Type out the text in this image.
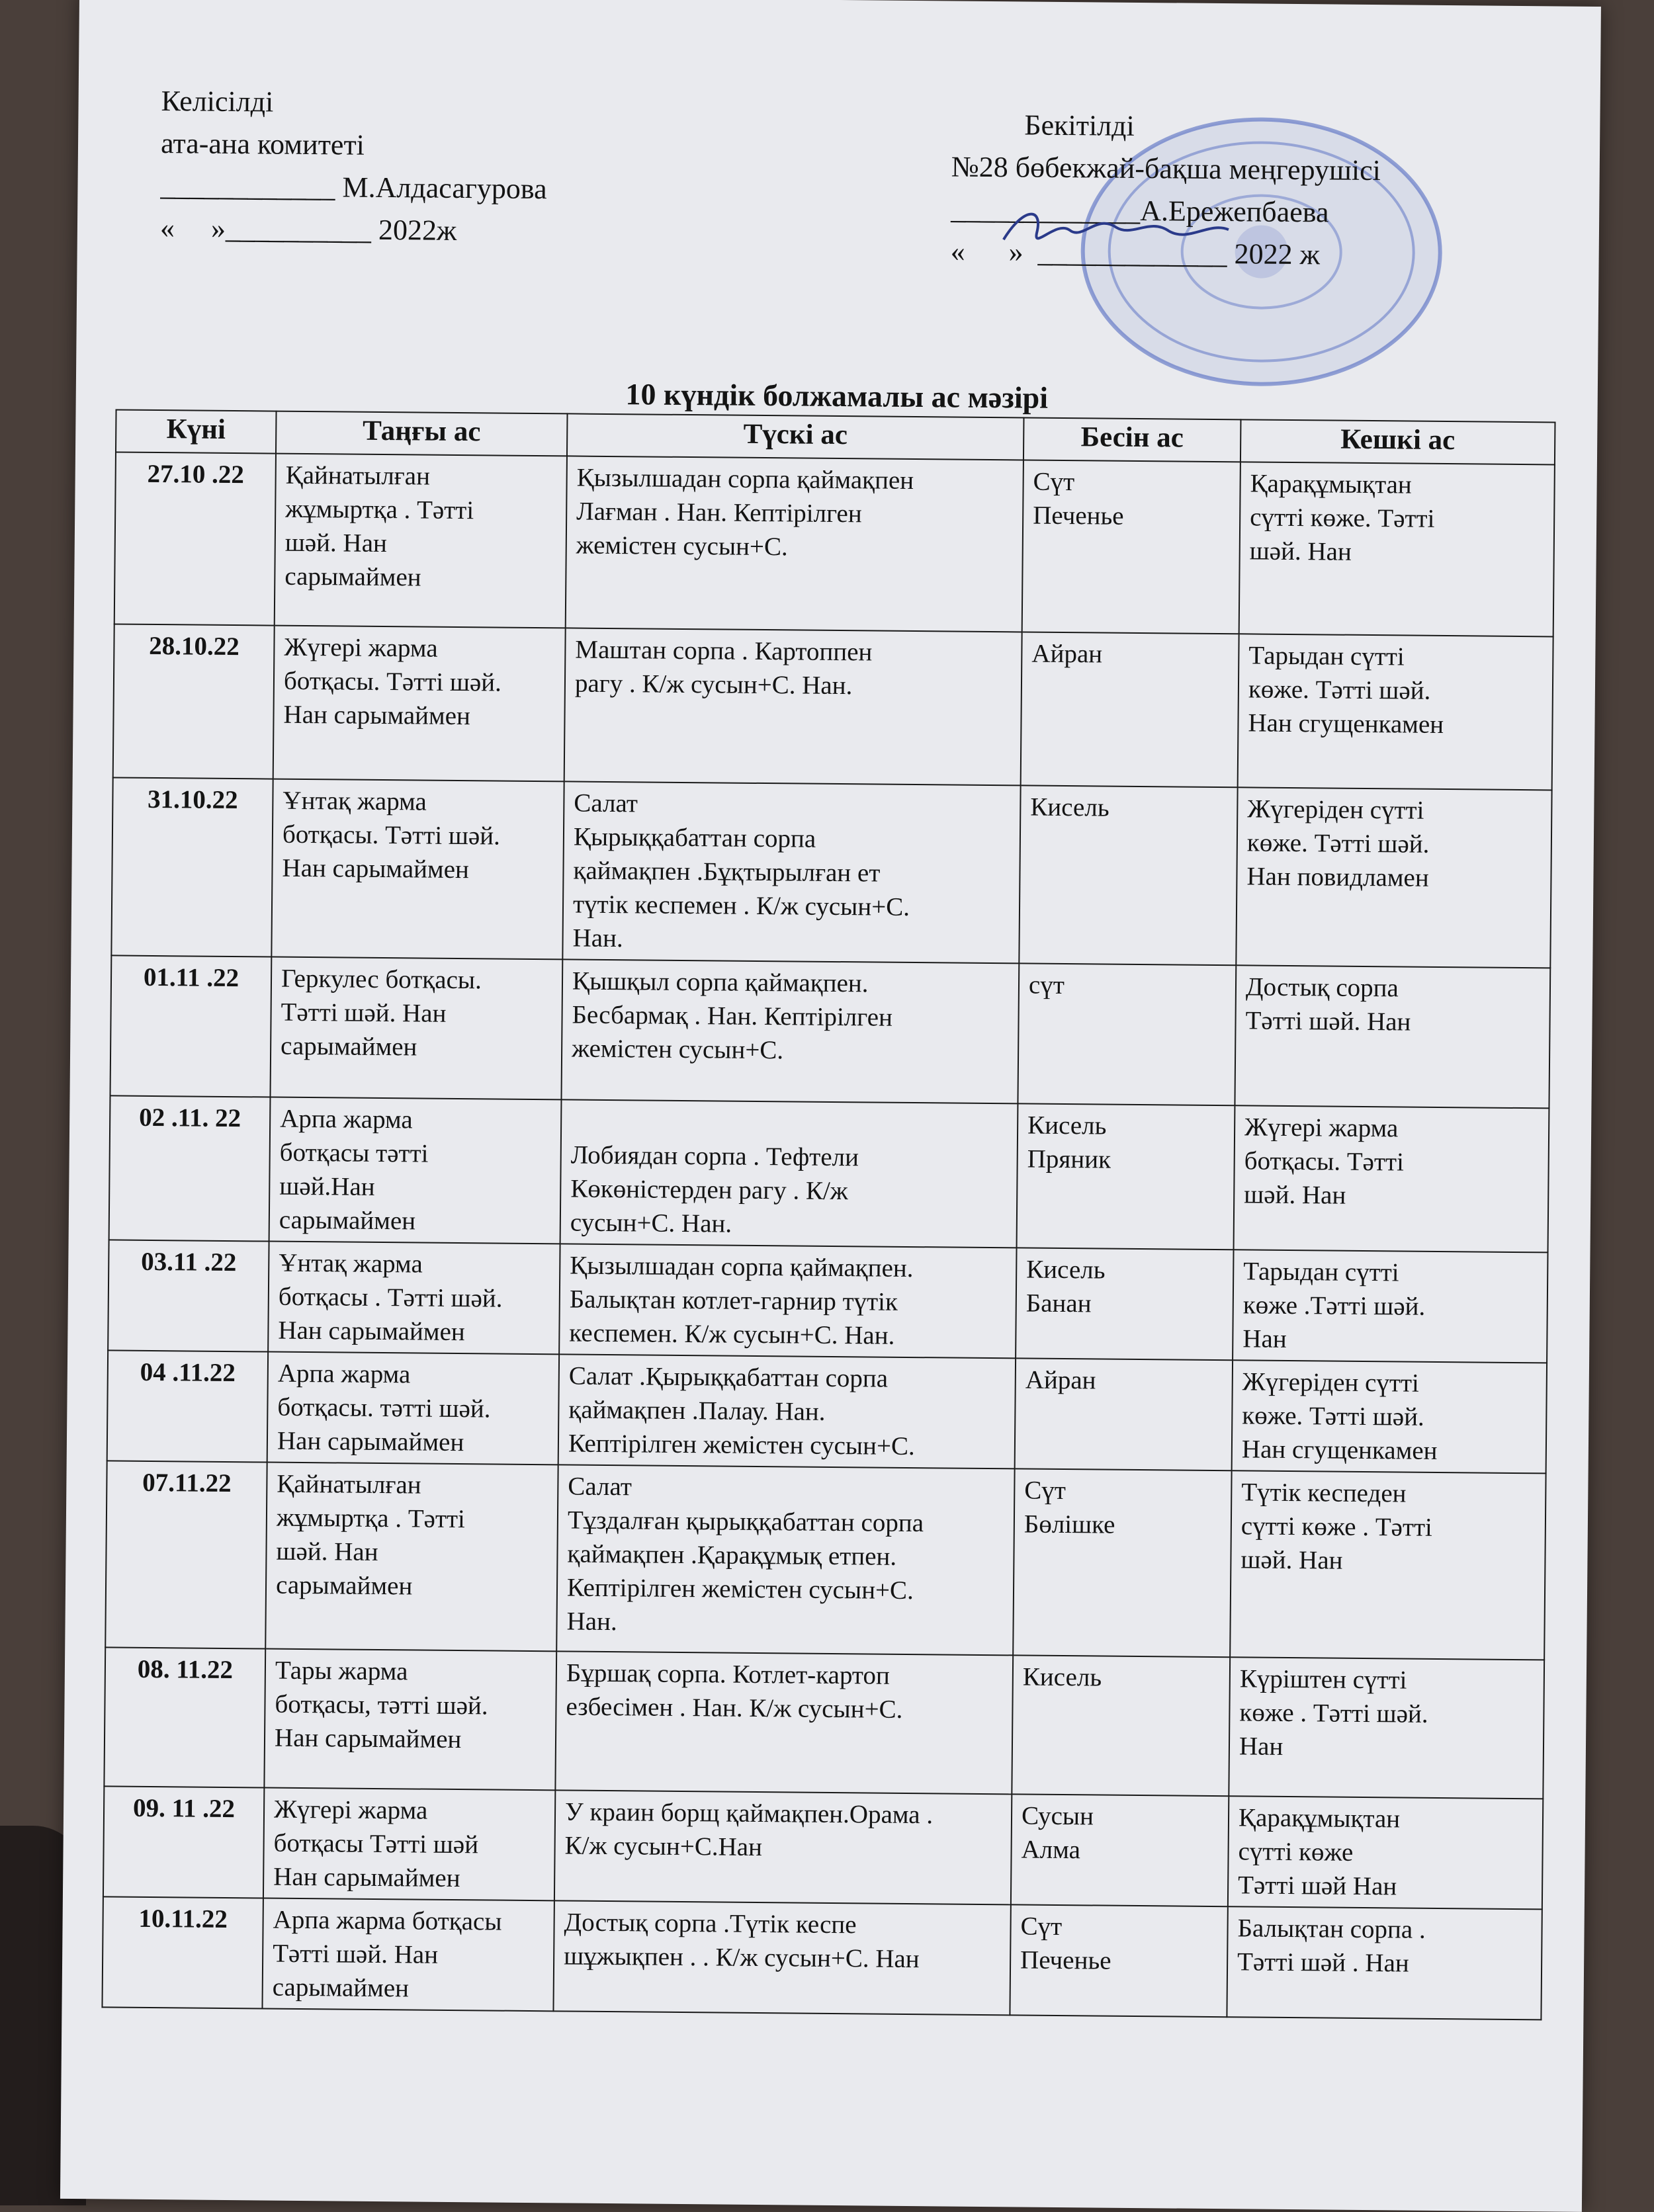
Келісілді
ата-ана комитеті
____________ М.Алдасагурова
«     »__________ 2022ж
Бекітілді
№28 бөбекжай-бақша меңгерушісі
_____________А.Ережепбаева
«      »  _____________ 2022 ж
10 күндік болжамалы ас мәзірі
Күні	Таңғы ас	Түскі ас	Бесін ас	Кешкі ас
27.10 .22	Қайнатылған
жұмыртқа . Тәтті
шәй. Нан
сарымаймен	Қызылшадан сорпа қаймақпен
Лағман . Нан. Кептірілген
жемістен сусын+С.	Сүт
Печенье	Қарақұмықтан
сүтті көже. Тәтті
шәй. Нан

28.10.22	Жүгері жарма
ботқасы. Тәтті шәй.
Нан сарымаймен	Маштан сорпа . Картоппен
рагу . К/ж сусын+С. Нан.	Айран	Тарыдан сүтті
көже. Тәтті шәй.
Нан сгущенкамен

31.10.22	Ұнтақ жарма
ботқасы. Тәтті шәй.
Нан сарымаймен	Салат
Қырыққабаттан сорпа
қаймақпен .Бұқтырылған ет
түтік кеспемен . К/ж сусын+С.
Нан.	Кисель	Жүгеріден сүтті
көже. Тәтті шәй.
Нан повидламен

01.11 .22	Геркулес ботқасы.
Тәтті шәй. Нан
сарымаймен	Қышқыл сорпа қаймақпен.
Бесбармақ . Нан. Кептірілген
жемістен сусын+С.	сүт	Достық сорпа
Тәтті шәй. Нан

02 .11. 22	Арпа жарма
ботқасы тәтті
шәй.Нан
сарымаймен	Лобиядан сорпа . Тефтели
Көкөністерден рагу . К/ж
сусын+С. Нан.	Кисель
Пряник	Жүгері жарма
ботқасы. Тәтті
шәй. Нан

03.11 .22	Ұнтақ жарма
ботқасы . Тәтті шәй.
Нан сарымаймен	Қызылшадан сорпа қаймақпен.
Балықтан котлет-гарнир түтік
кеспемен. К/ж сусын+С. Нан.	Кисель
Банан	Тарыдан сүтті
көже .Тәтті шәй.
Нан

04 .11.22	Арпа жарма
ботқасы. тәтті шәй.
Нан сарымаймен	Салат .Қырыққабаттан сорпа
қаймақпен .Палау. Нан.
Кептірілген жемістен сусын+С.	Айран	Жүгеріден сүтті
көже. Тәтті шәй.
Нан сгущенкамен

07.11.22	Қайнатылған
жұмыртқа . Тәтті
шәй. Нан
сарымаймен	Салат
Тұздалған қырыққабаттан сорпа
қаймақпен .Қарақұмық етпен.
Кептірілген жемістен сусын+С.
Нан.	Сүт
Бөлішке	Түтік кеспеден
сүтті көже . Тәтті
шәй. Нан

08. 11.22	Тары жарма
ботқасы, тәтті шәй.
Нан сарымаймен	Бұршақ сорпа. Котлет-картоп
езбесімен . Нан. К/ж сусын+С.	Кисель	Күріштен сүтті
көже . Тәтті шәй.
Нан

09. 11 .22	Жүгері жарма
ботқасы Тәтті шәй
Нан сарымаймен	У краин борщ қаймақпен.Орама .
К/ж сусын+С.Нан	Сусын
Алма	Қарақұмықтан
сүтті көже
Тәтті шәй Нан

10.11.22	Арпа жарма ботқасы
Тәтті шәй. Нан
сарымаймен	Достық сорпа .Түтік кеспе
шұжықпен . . К/ж сусын+С. Нан	Сүт
Печенье	Балықтан сорпа .
Тәтті шәй . Нан
